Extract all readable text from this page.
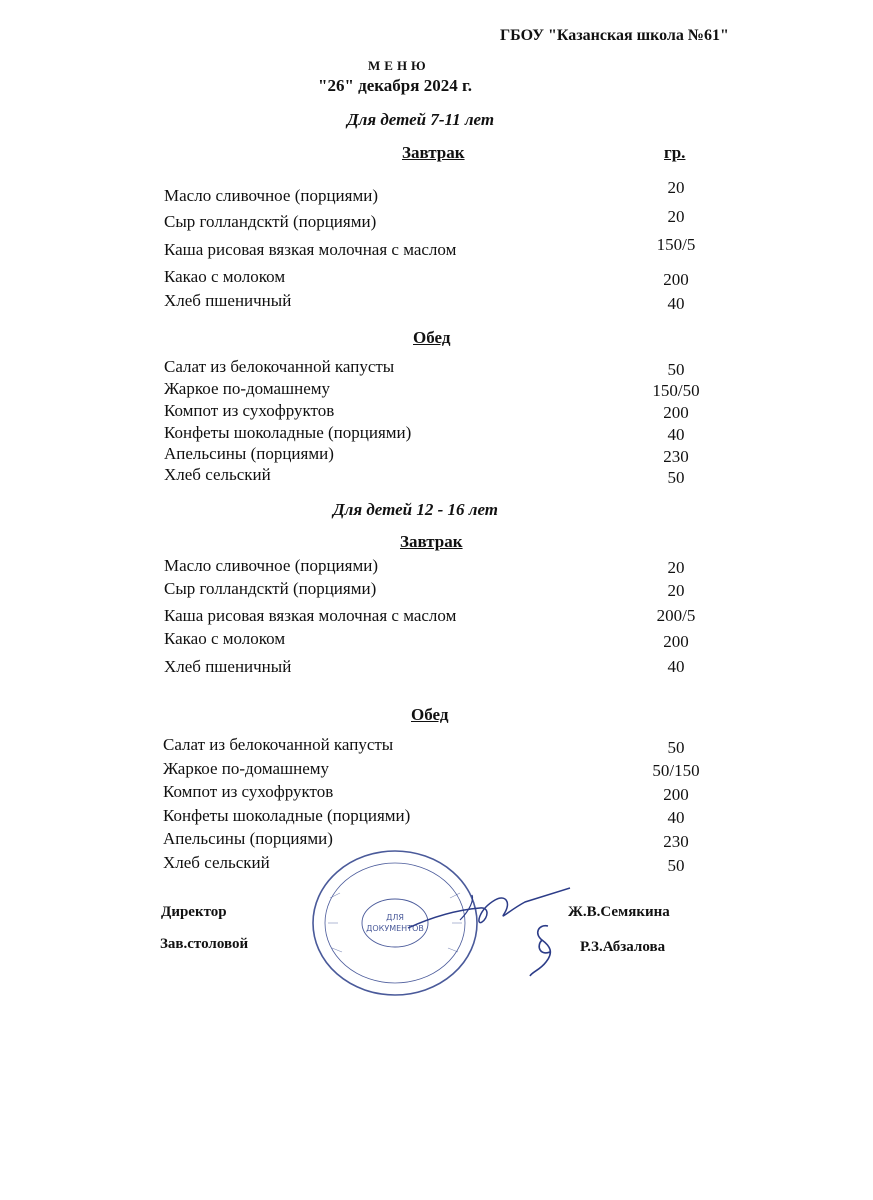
ГБОУ "Казанская школа №61"
МЕНЮ
"26" декабря 2024 г.
Для детей 7-11 лет
Завтрак	гр.
Масло сливочное (порциями)	20
Сыр голландсктй (порциями)	20
Каша рисовая вязкая молочная с маслом	150/5
Какао с молоком	200
Хлеб пшеничный	40
Обед
Салат из белокочанной капусты	50
Жаркое по-домашнему	150/50
Компот из сухофруктов	200
Конфеты шоколадные (порциями)	40
Апельсины (порциями)	230
Хлеб сельский	50
Для детей 12 - 16 лет
Завтрак
Масло сливочное (порциями)	20
Сыр голландсктй (порциями)	20
Каша рисовая вязкая молочная с маслом	200/5
Какао с молоком	200
Хлеб пшеничный	40
Обед
Салат из белокочанной капусты	50
Жаркое по-домашнему	50/150
Компот из сухофруктов	200
Конфеты шоколадные (порциями)	40
Апельсины (порциями)	230
Хлеб сельский	50
Директор	Ж.В.Семякина
Зав.столовой	Р.З.Абзалова
ДЛЯ
ДОКУМЕНТОВ
